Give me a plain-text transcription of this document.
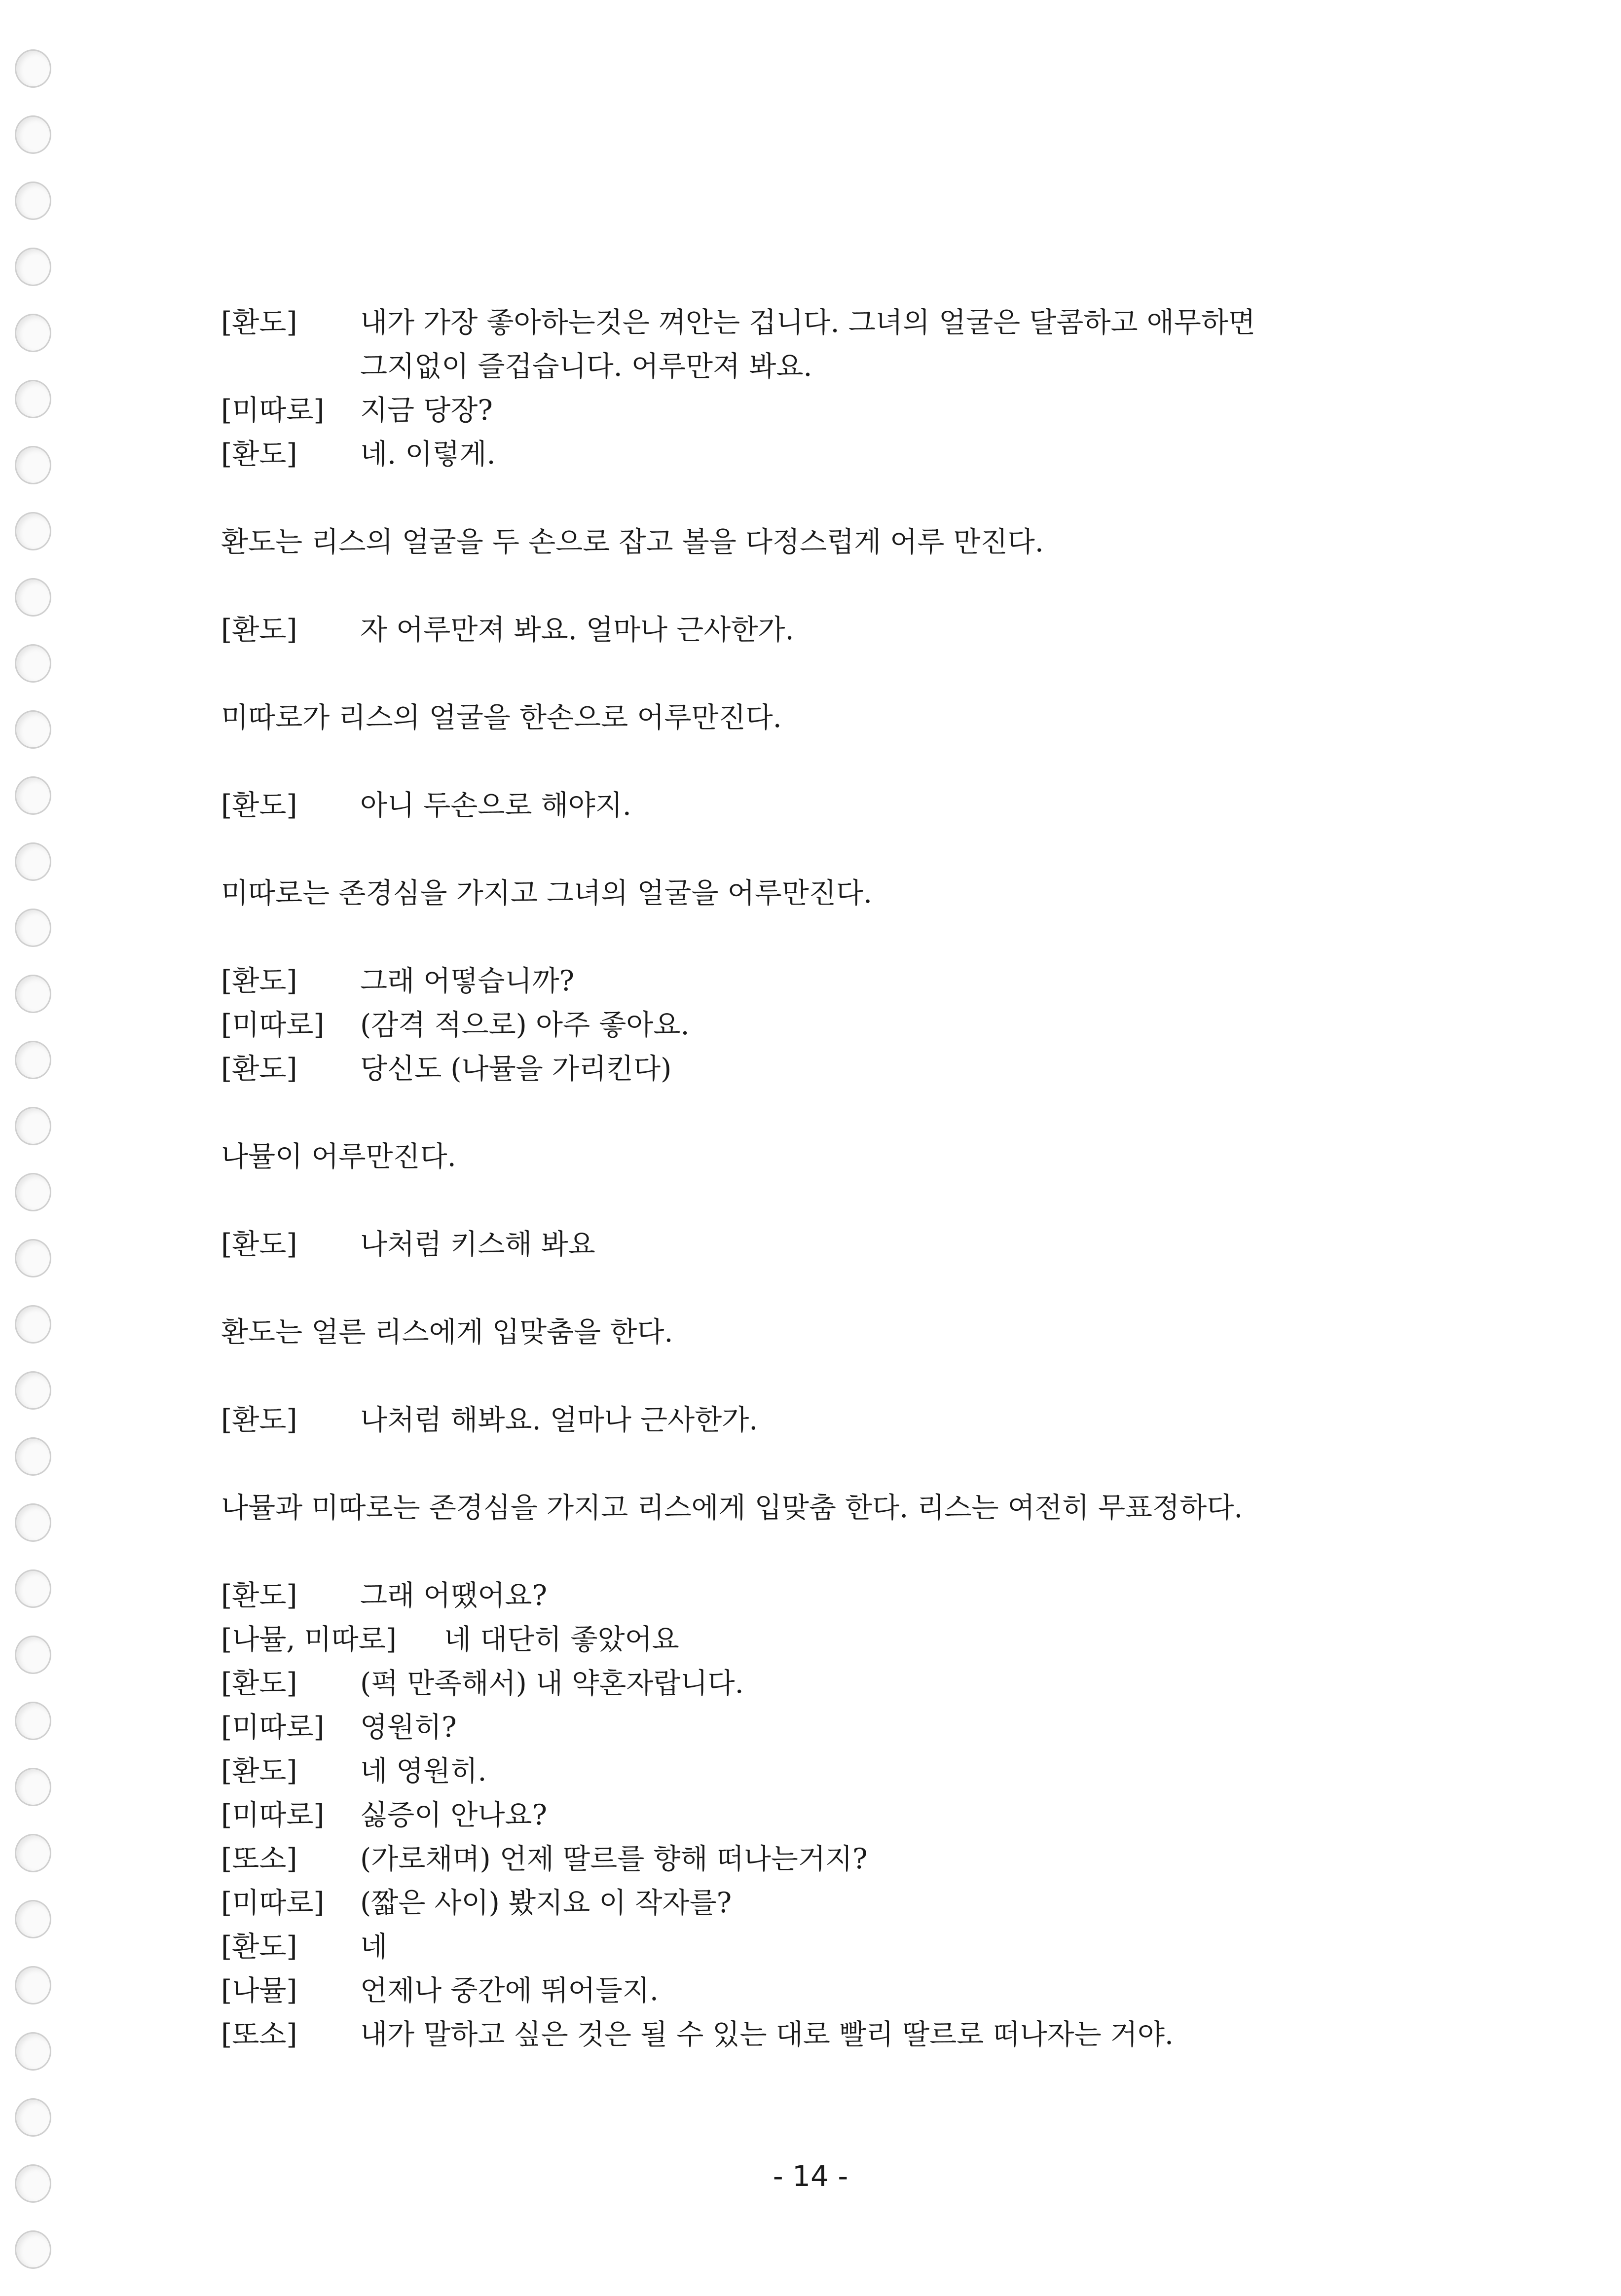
[환도] 내가 가장 좋아하는것은 껴안는 겁니다. 그녀의 얼굴은 달콤하고 애무하면
그지없이 즐겁습니다. 어루만져 봐요.
[미따로] 지금 당장?
[환도] 네. 이렇게.
환도는 리스의 얼굴을 두 손으로 잡고 볼을 다정스럽게 어루 만진다.
[환도] 자 어루만져 봐요. 얼마나 근사한가.
미따로가 리스의 얼굴을 한손으로 어루만진다.
[환도] 아니 두손으로 해야지.
미따로는 존경심을 가지고 그녀의 얼굴을 어루만진다.
[환도] 그래 어떻습니까?
[미따로] (감격 적으로) 아주 좋아요.
[환도] 당신도 (나뮬을 가리킨다)
나뮬이 어루만진다.
[환도] 나처럼 키스해 봐요
환도는 얼른 리스에게 입맞춤을 한다.
[환도] 나처럼 해봐요. 얼마나 근사한가.
나뮬과 미따로는 존경심을 가지고 리스에게 입맞춤 한다. 리스는 여전히 무표정하다.
[환도] 그래 어땠어요?
[나뮬, 미따로] 네 대단히 좋았어요
[환도] (퍽 만족해서) 내 약혼자랍니다.
[미따로] 영원히?
[환도] 네 영원히.
[미따로] 싫증이 안나요?
[또소] (가로채며) 언제 딸르를 향해 떠나는거지?
[미따로] (짧은 사이) 봤지요 이 작자를?
[환도] 네
[나뮬] 언제나 중간에 뛰어들지.
[또소] 내가 말하고 싶은 것은 될 수 있는 대로 빨리 딸르로 떠나자는 거야.
- 14 -
